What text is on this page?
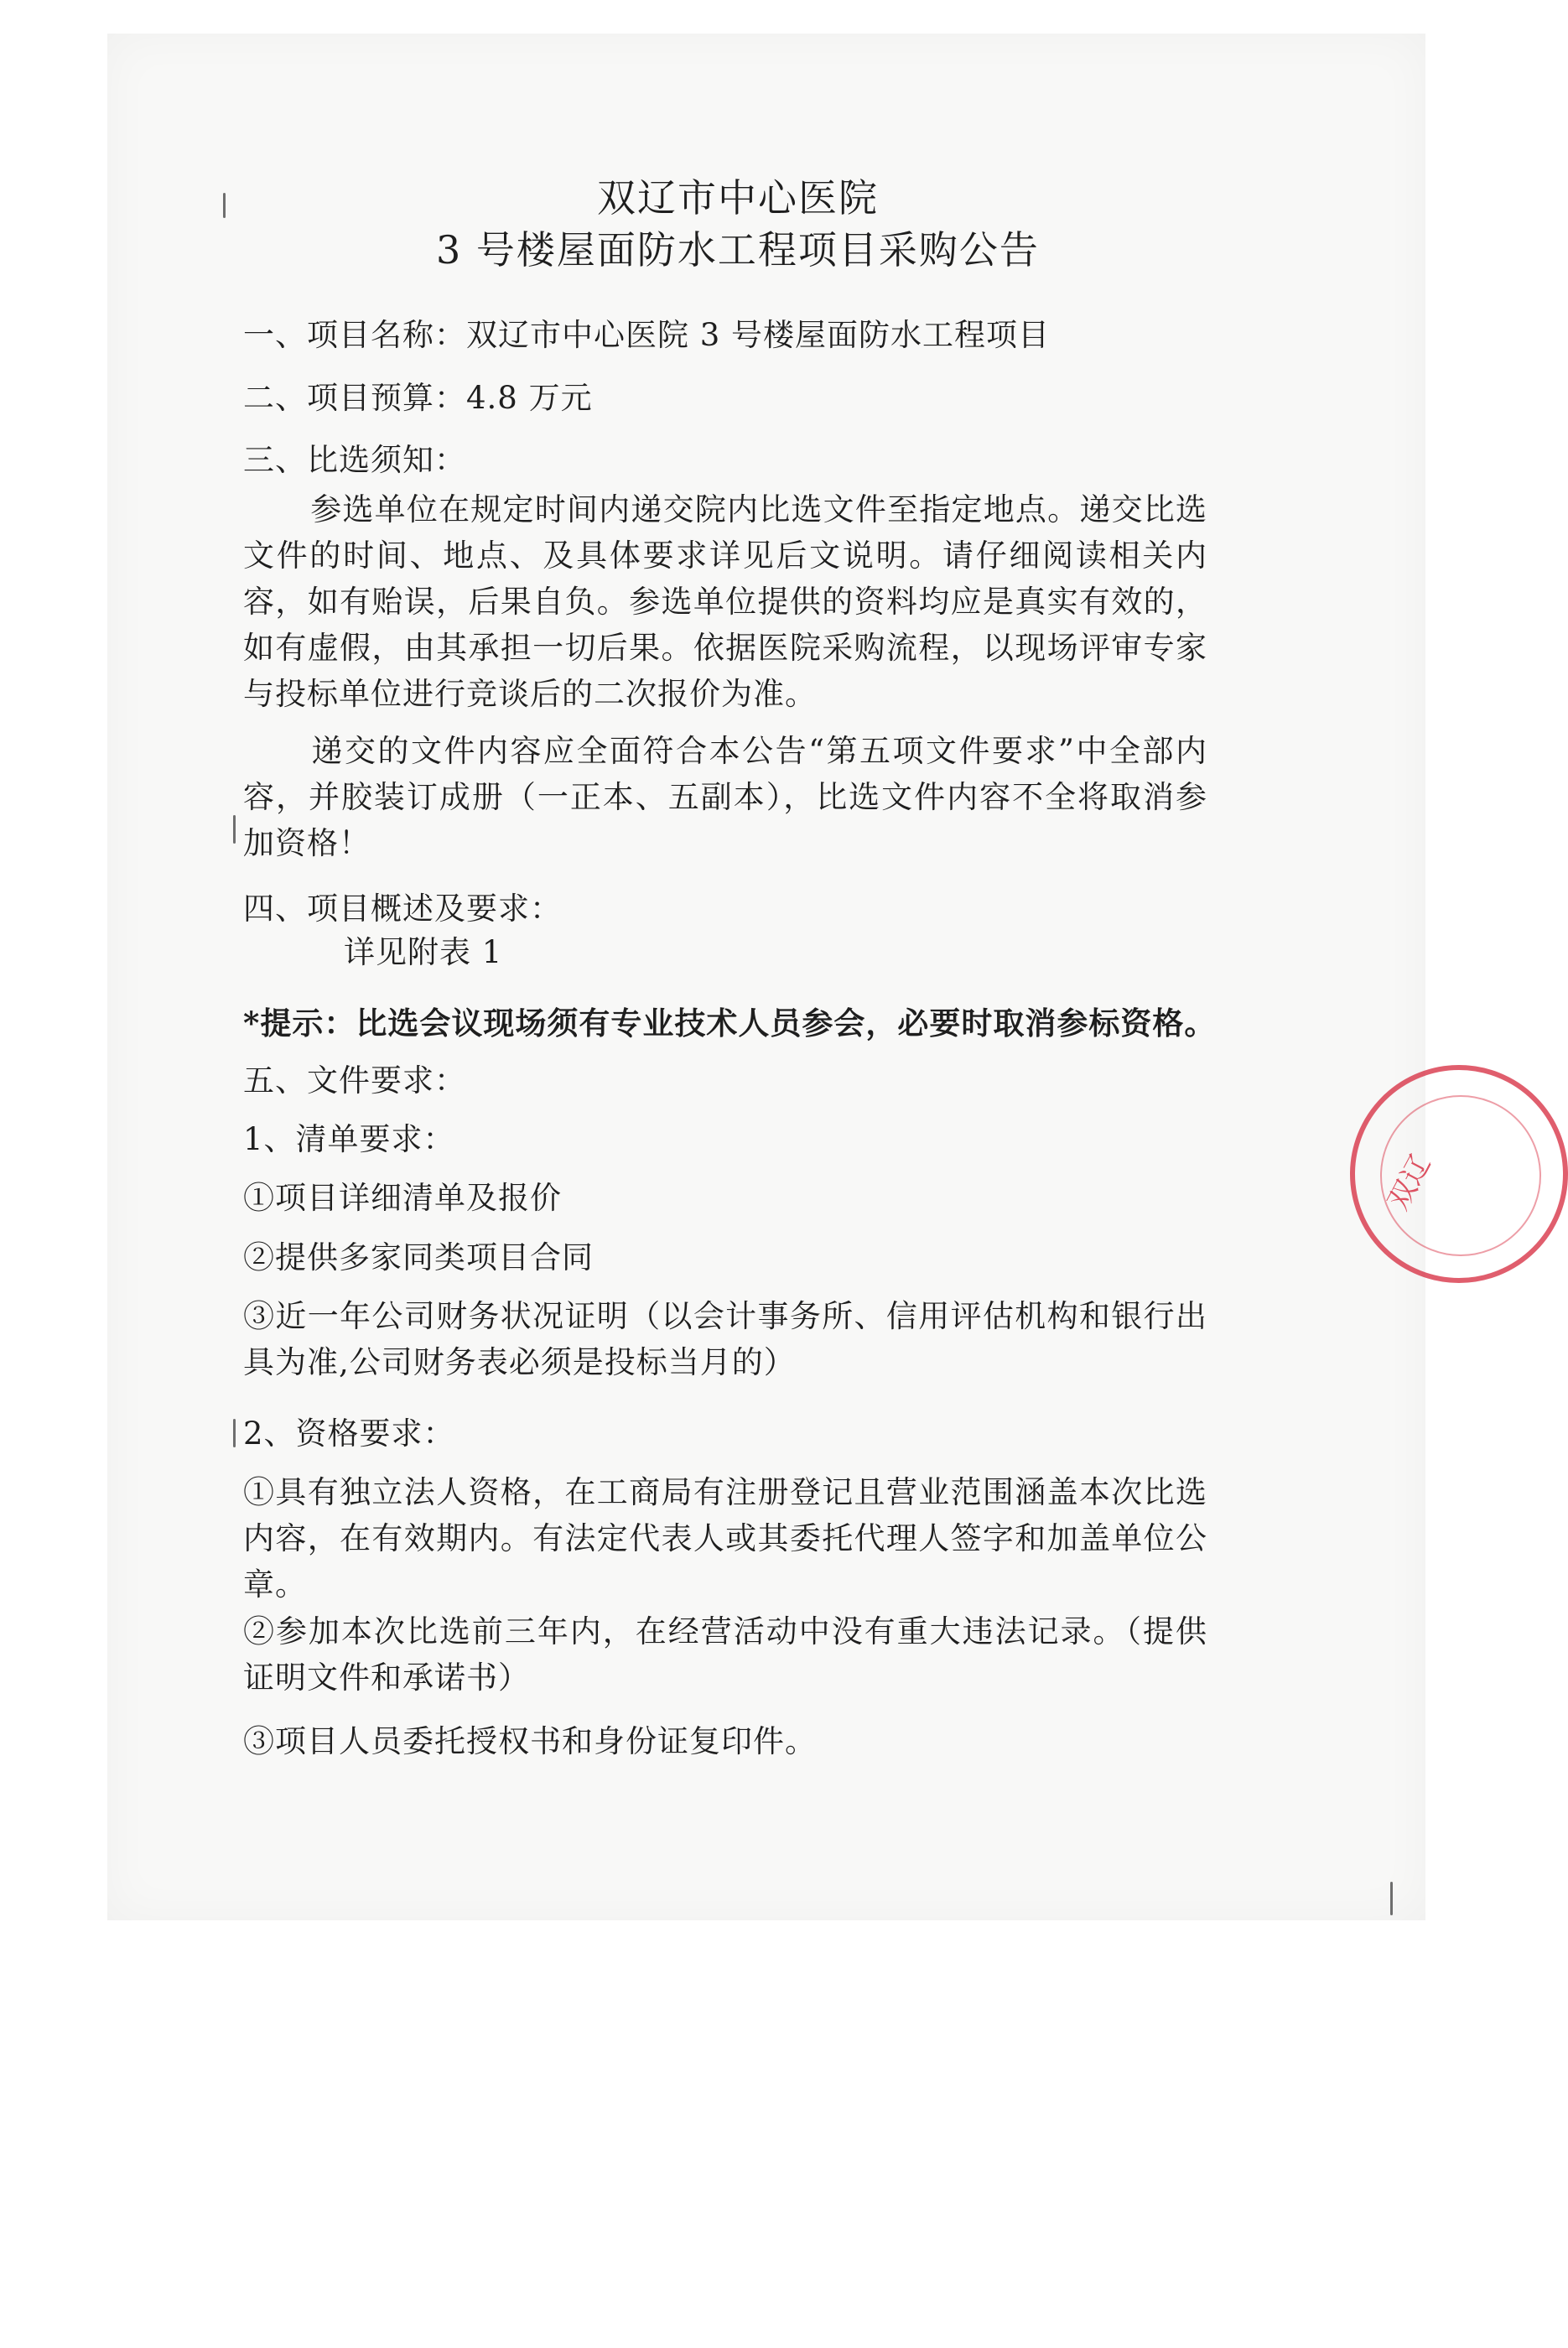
双辽市中心医院
3 号楼屋面防水工程项目采购公告
一、项目名称：双辽市中心医院 3 号楼屋面防水工程项目
二、项目预算：4.8 万元
三、比选须知：
参选单位在规定时间内递交院内比选文件至指定地点。递交比选文件的时间、地点、及具体要求详见后文说明。请仔细阅读相关内容，如有贻误，后果自负。参选单位提供的资料均应是真实有效的，如有虚假，由其承担一切后果。依据医院采购流程，以现场评审专家与投标单位进行竞谈后的二次报价为准。
递交的文件内容应全面符合本公告“第五项文件要求”中全部内容，并胶装订成册（一正本、五副本），比选文件内容不全将取消参加资格！
四、项目概述及要求：
详见附表 1
*提示：比选会议现场须有专业技术人员参会，必要时取消参标资格。
五、文件要求：
1、清单要求：
①项目详细清单及报价
②提供多家同类项目合同
③近一年公司财务状况证明（以会计事务所、信用评估机构和银行出具为准,公司财务表必须是投标当月的）
2、资格要求：
①具有独立法人资格，在工商局有注册登记且营业范围涵盖本次比选内容，在有效期内。有法定代表人或其委托代理人签字和加盖单位公章。
②参加本次比选前三年内，在经营活动中没有重大违法记录。（提供证明文件和承诺书）
③项目人员委托授权书和身份证复印件。
双辽
